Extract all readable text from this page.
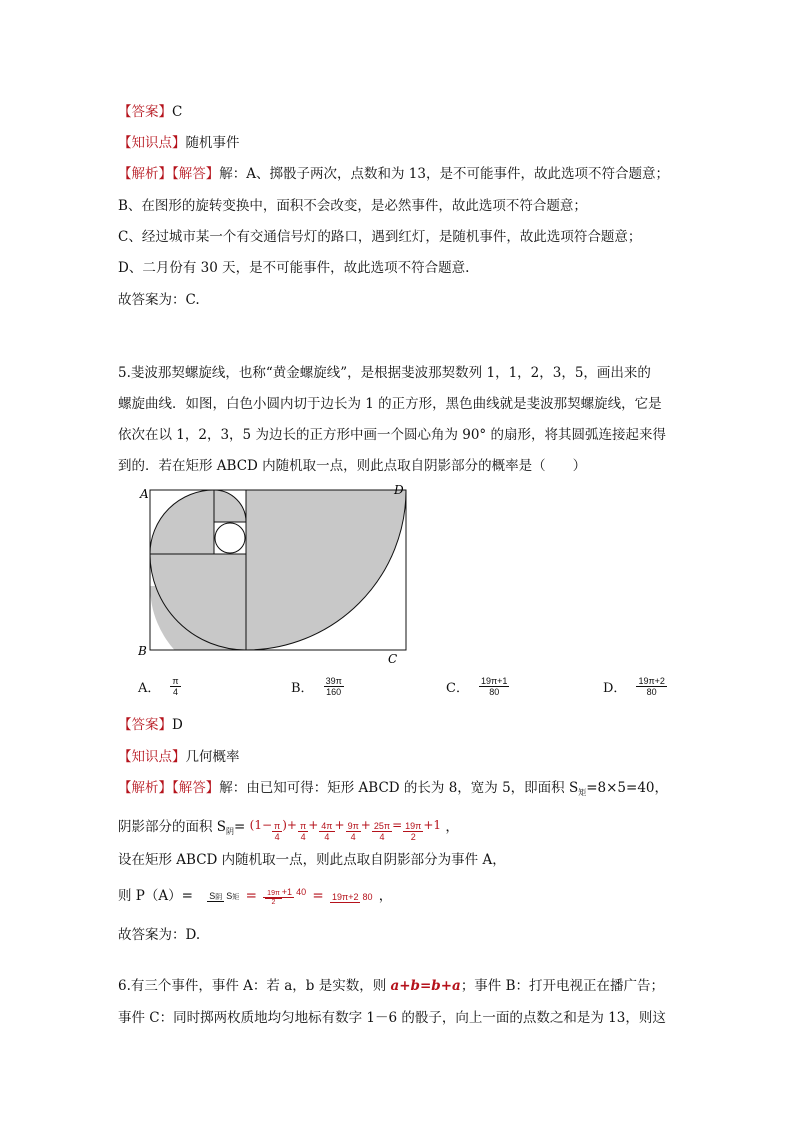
【答案】C
【知识点】随机事件
【解析】【解答】解：A、掷骰子两次，点数和为 13，是不可能事件，故此选项不符合题意；
B、在图形的旋转变换中，面积不会改变，是必然事件，故此选项不符合题意；
C、经过城市某一个有交通信号灯的路口，遇到红灯，是随机事件，故此选项符合题意；
D、二月份有 30 天，是不可能事件，故此选项不符合题意.
故答案为：C.
5.斐波那契螺旋线，也称“黄金螺旋线”，是根据斐波那契数列 1，1，2，3，5，画出来的
螺旋曲线．如图，白色小圆内切于边长为 1 的正方形，黑色曲线就是斐波那契螺旋线，它是
依次在以 1，2，3，5 为边长的正方形中画一个圆心角为 90° 的扇形，将其圆弧连接起来得
到的．若在矩形 ABCD 内随机取一点，则此点取自阴影部分的概率是（　　）
A
B
C
D
A． $\frac{\pi}{4}$	B． $\frac{39\pi}{160}$	C． $\frac{19\pi+1}{80}$	D． $\frac{19\pi+2}{80}$
【答案】D
【知识点】几何概率
【解析】【解答】解：由已知可得：矩形 ABCD 的长为 8，宽为 5，即面积 $S_矩=8\times 5=40$，
阴影部分的面积 $S_阴= (1- \frac{\pi}{4}$ )+ $\frac{\pi}{4} + \frac{4\pi}{4} + \frac{9\pi}{4} + \frac{25\pi}{4} = \frac{19\pi}{2} +1$ ，
设在矩形 ABCD 内随机取一点，则此点取自阴影部分为事件 A，
则 P（A）= S阴 S矩 = $\frac{19\pi}{2} +1$ 40 = 19π+2 80 ，
故答案为：D.
6.有三个事件，事件 A：若 a，b 是实数，则 a+b=b+a；事件 B：打开电视正在播广告；
事件 C：同时掷两枚质地均匀地标有数字 1－6 的骰子，向上一面的点数之和是为 13，则这
